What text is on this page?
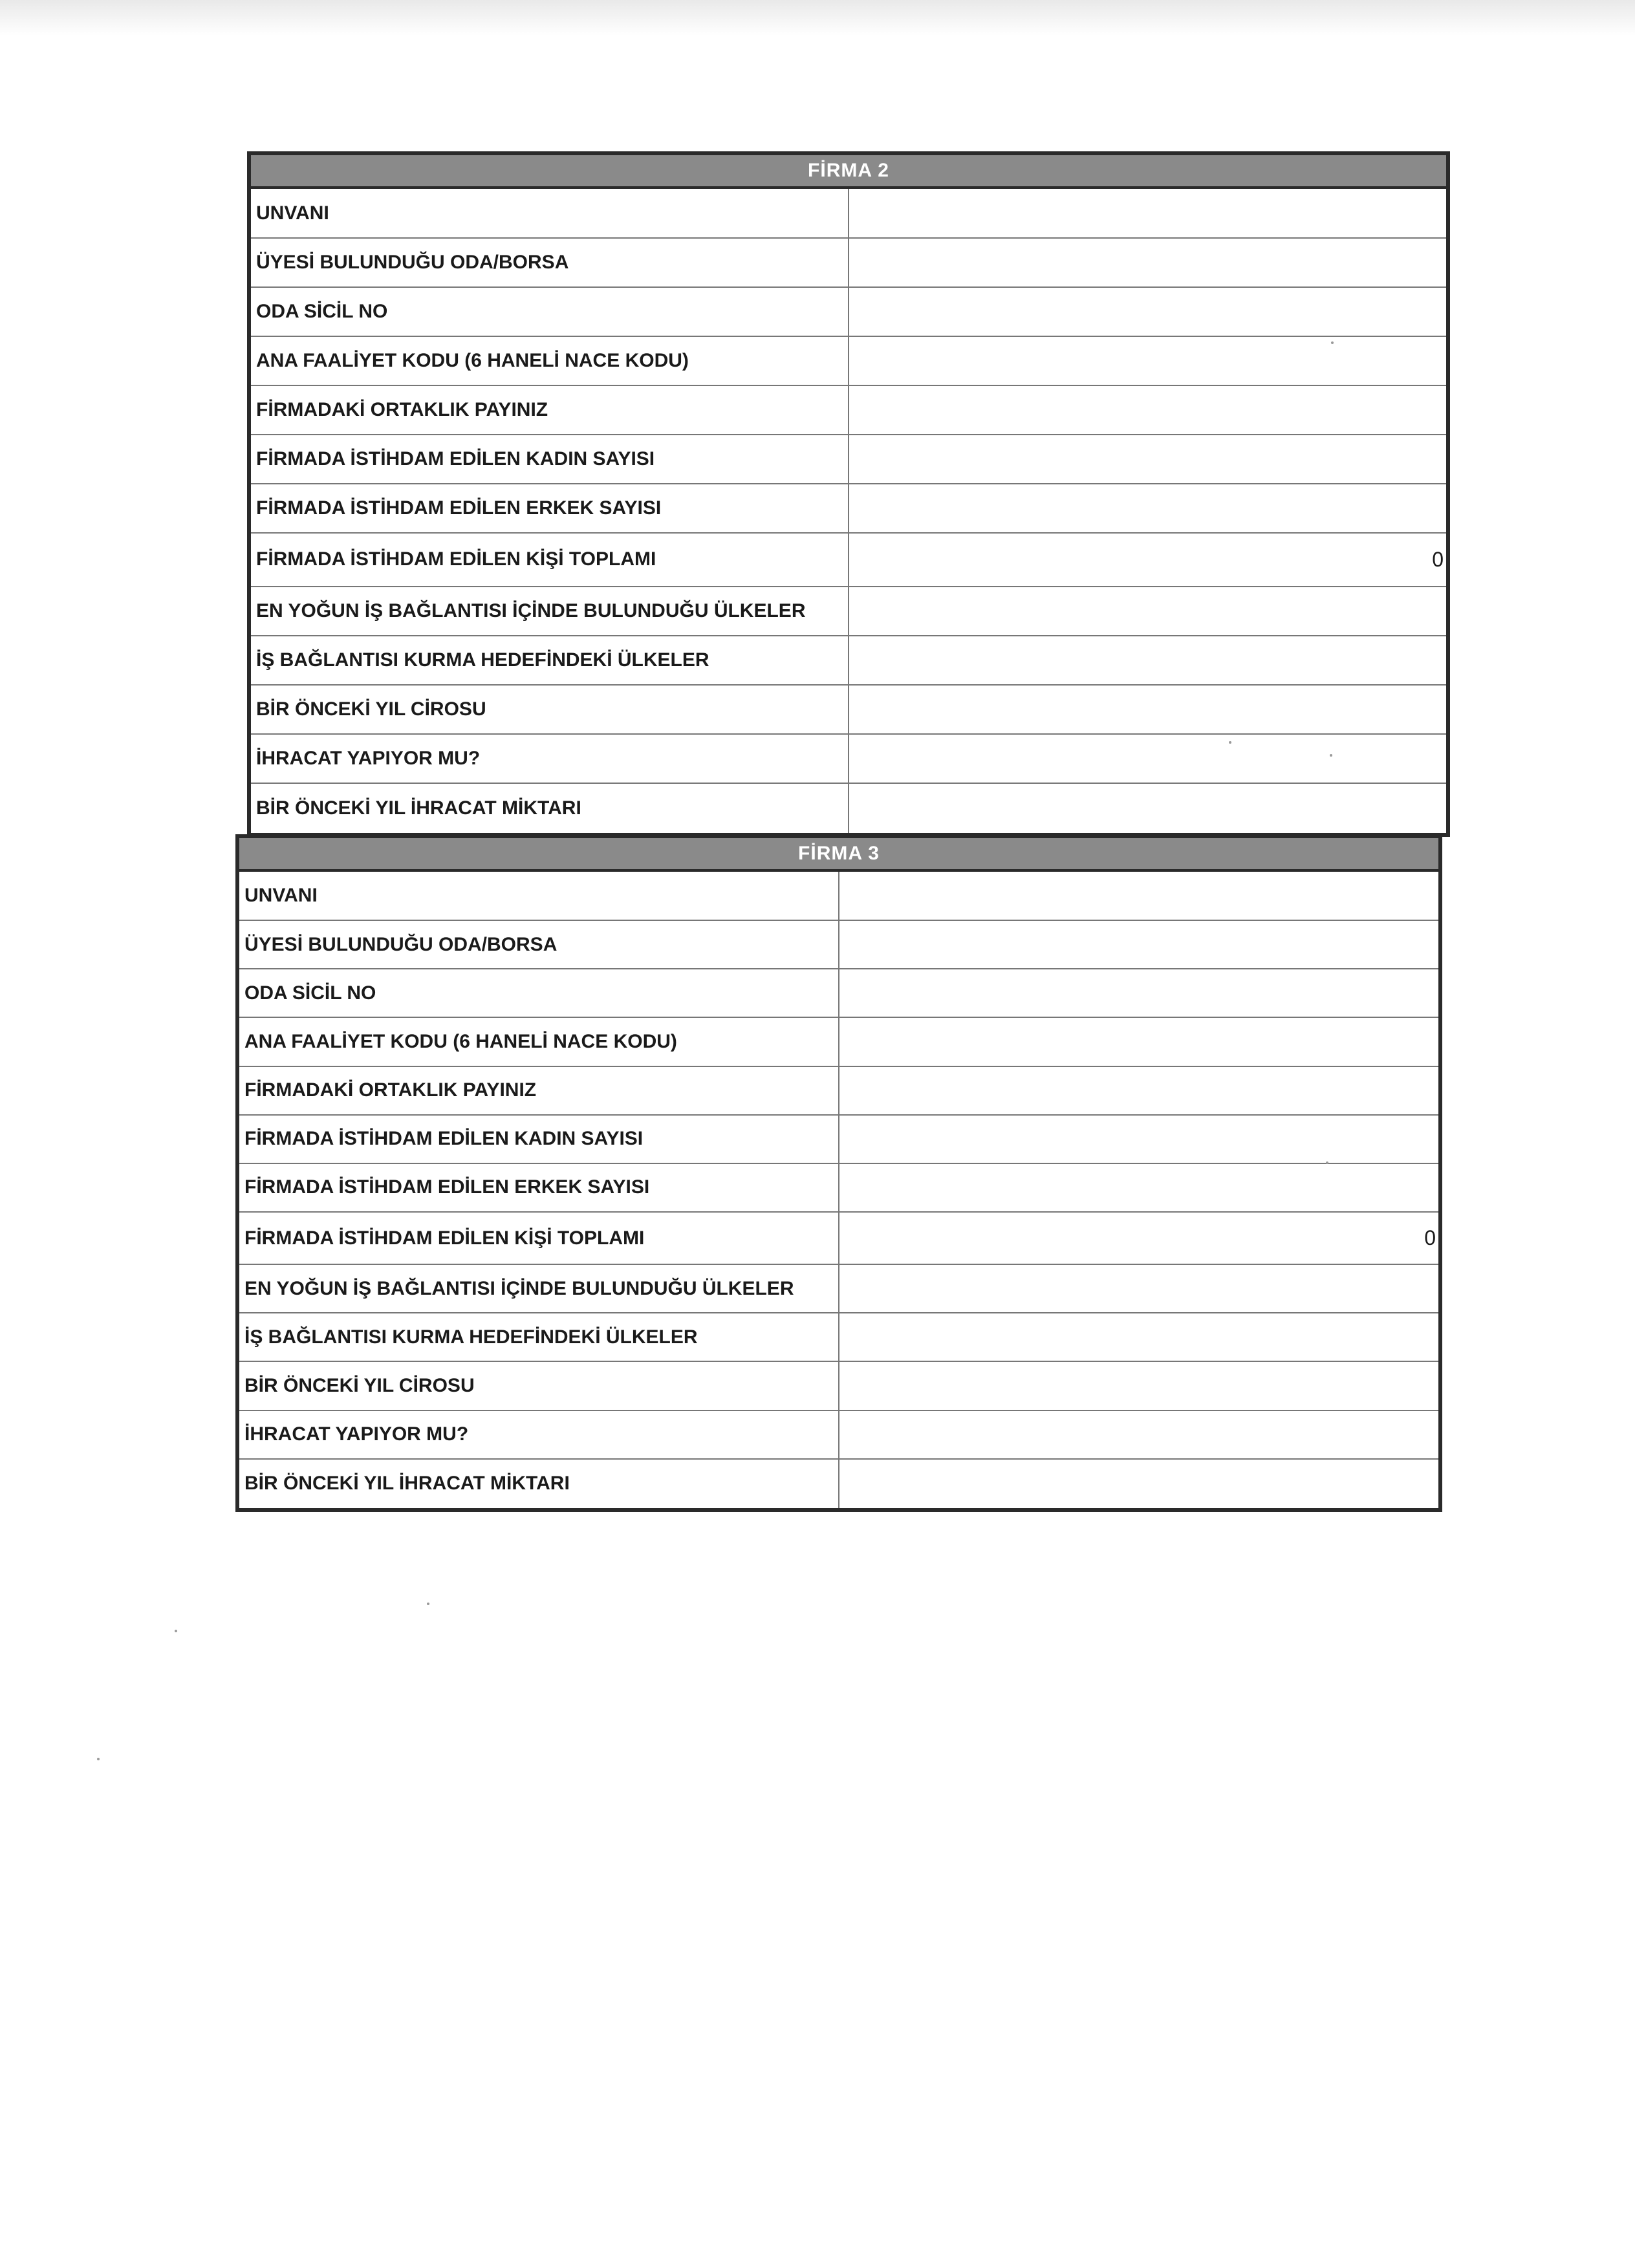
FİRMA 2	
UNVANI	
ÜYESİ BULUNDUĞU ODA/BORSA	
ODA SİCİL NO	
ANA FAALİYET KODU (6 HANELİ NACE KODU)	
FİRMADAKİ ORTAKLIK PAYINIZ	
FİRMADA İSTİHDAM EDİLEN KADIN SAYISI	
FİRMADA İSTİHDAM EDİLEN ERKEK SAYISI	
FİRMADA İSTİHDAM EDİLEN KİŞİ TOPLAMI	0
EN YOĞUN İŞ BAĞLANTISI İÇİNDE BULUNDUĞU ÜLKELER	
İŞ BAĞLANTISI KURMA HEDEFİNDEKİ ÜLKELER	
BİR ÖNCEKİ YIL CİROSU	
İHRACAT YAPIYOR MU?	
BİR ÖNCEKİ YIL İHRACAT MİKTARI	
FİRMA 3	
UNVANI	
ÜYESİ BULUNDUĞU ODA/BORSA	
ODA SİCİL NO	
ANA FAALİYET KODU (6 HANELİ NACE KODU)	
FİRMADAKİ ORTAKLIK PAYINIZ	
FİRMADA İSTİHDAM EDİLEN KADIN SAYISI	
FİRMADA İSTİHDAM EDİLEN ERKEK SAYISI	
FİRMADA İSTİHDAM EDİLEN KİŞİ TOPLAMI	0
EN YOĞUN İŞ BAĞLANTISI İÇİNDE BULUNDUĞU ÜLKELER	
İŞ BAĞLANTISI KURMA HEDEFİNDEKİ ÜLKELER	
BİR ÖNCEKİ YIL CİROSU	
İHRACAT YAPIYOR MU?	
BİR ÖNCEKİ YIL İHRACAT MİKTARI	
